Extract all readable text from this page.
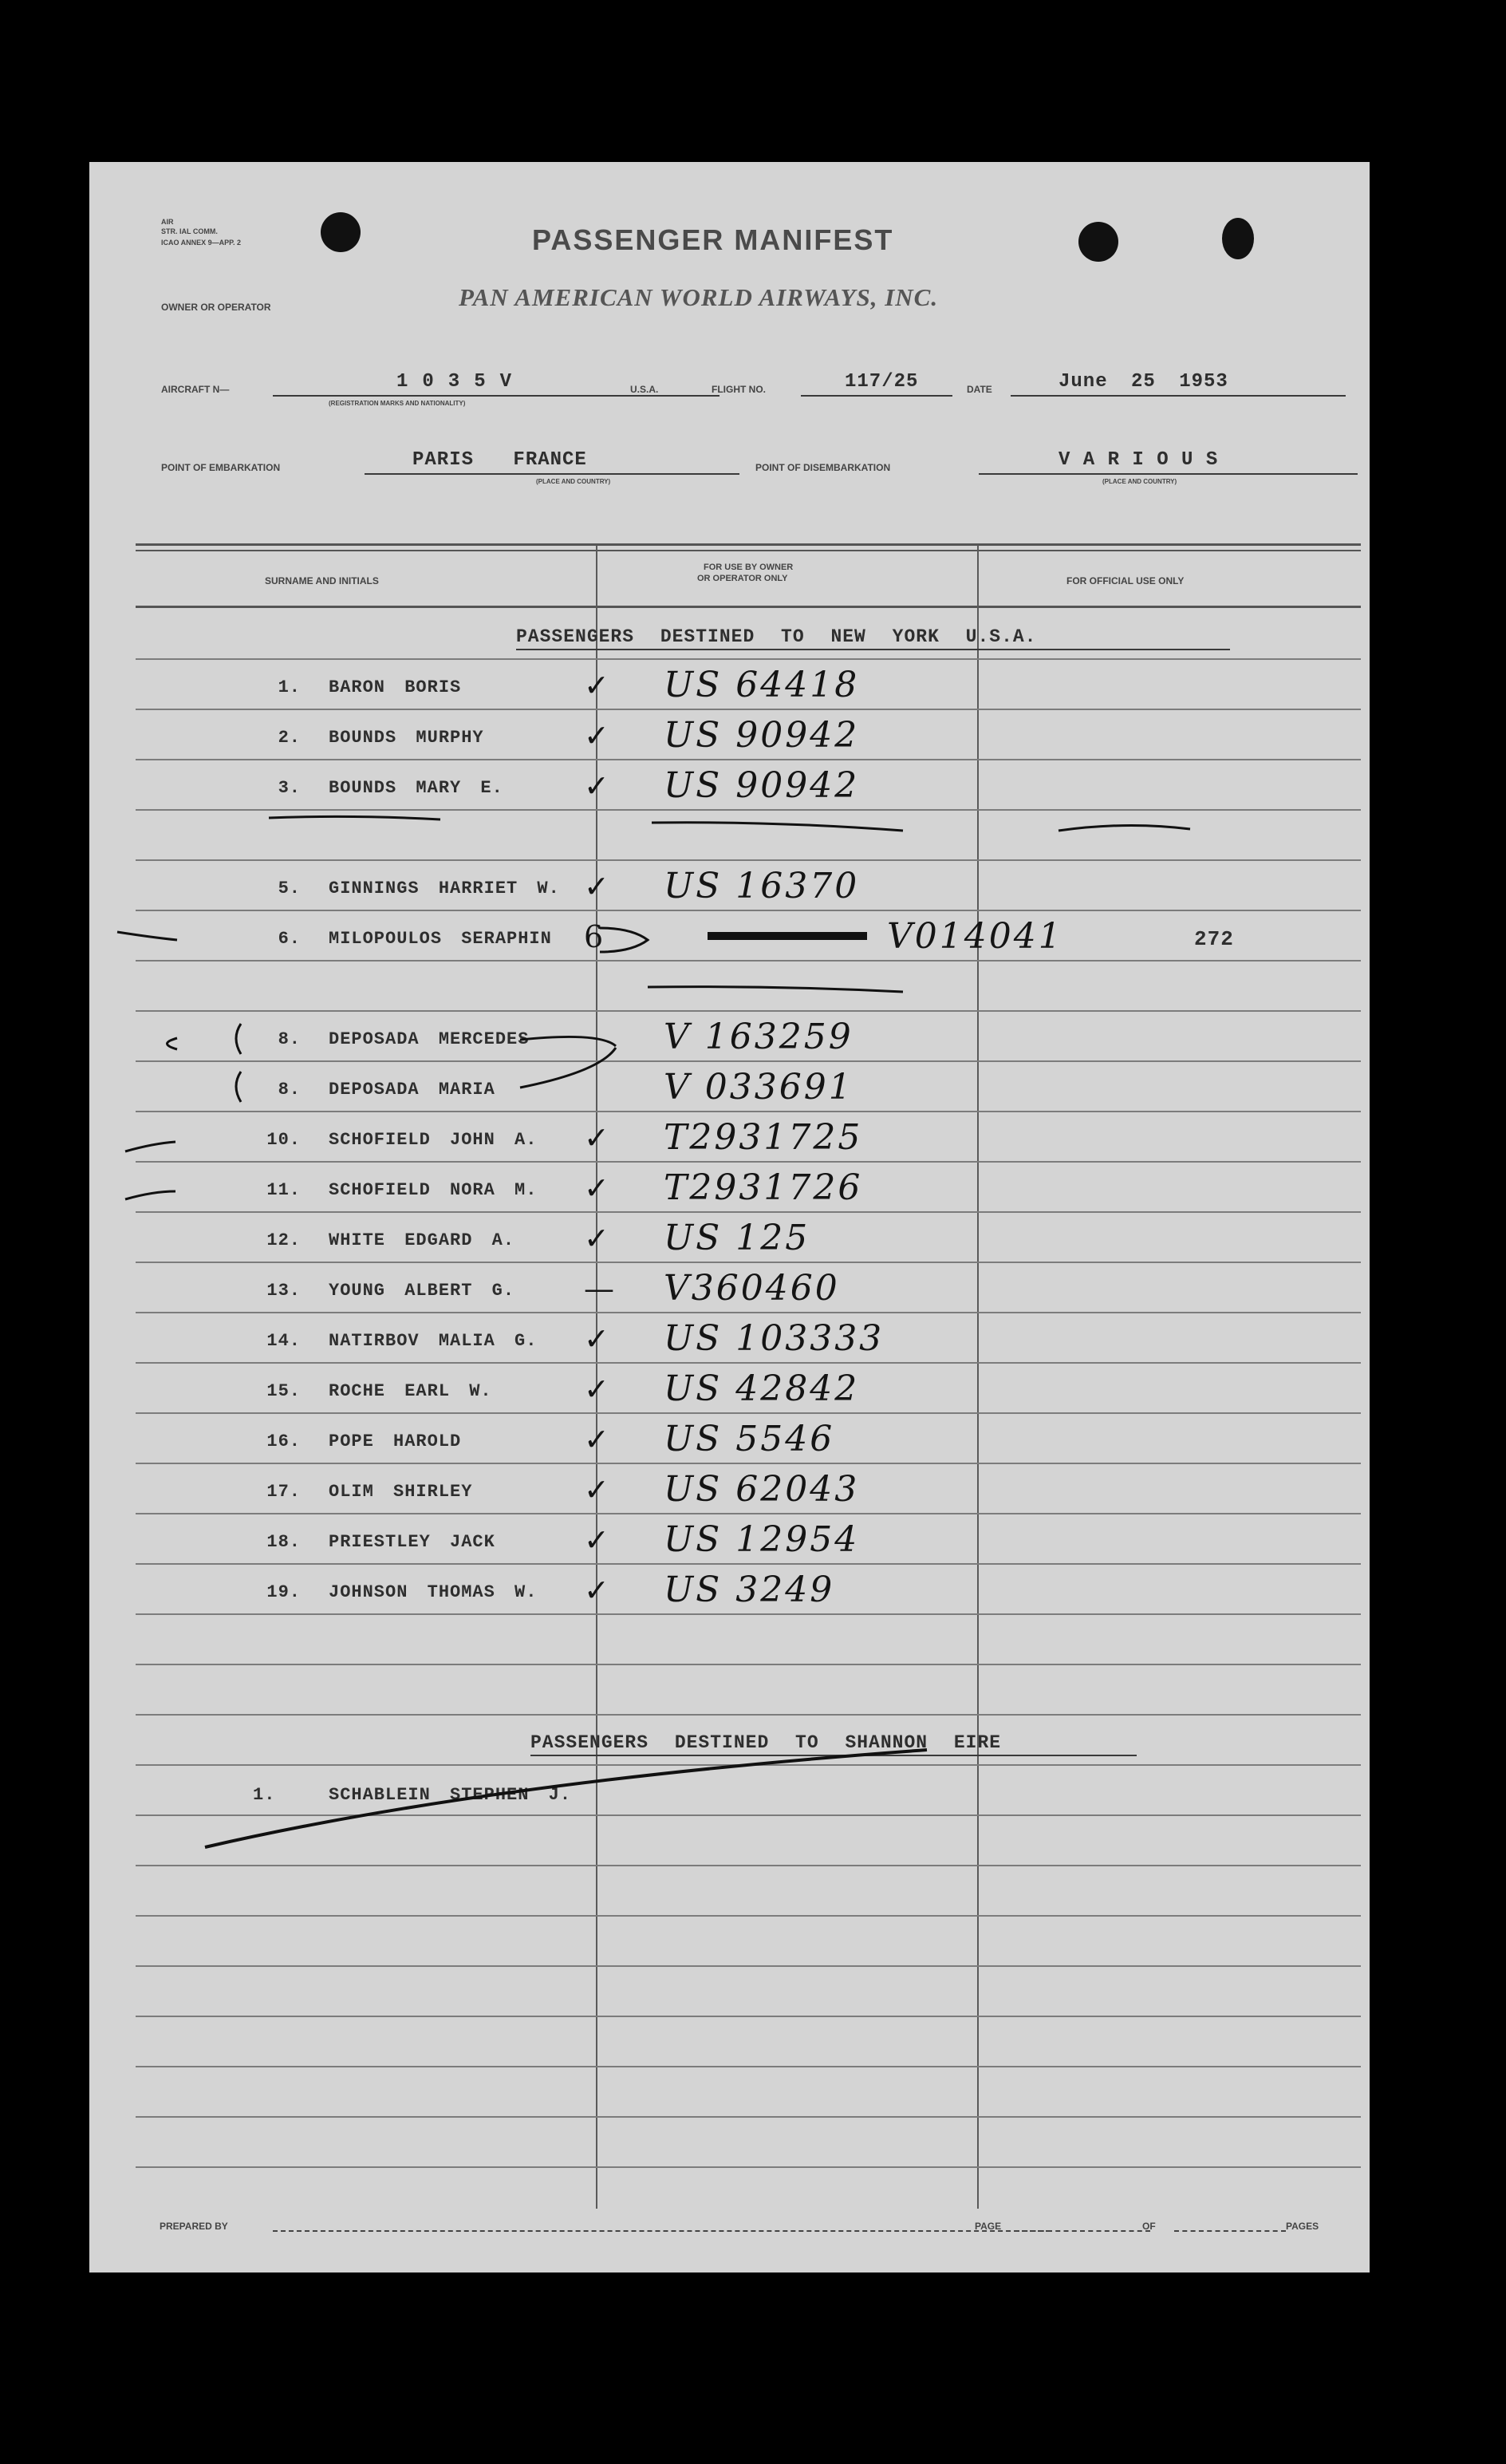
AIR
STR. IAL COMM.
ICAO ANNEX 9—APP. 2	PASSENGER MANIFEST
OWNER OR OPERATOR	PAN AMERICAN WORLD AIRWAYS, INC.
AIRCRAFT N—	1035V
(REGISTRATION MARKS AND NATIONALITY)
U.S.A.	FLIGHT NO.	117/25	DATE	June 25 1953
POINT OF EMBARKATION	PARIS FRANCE
(PLACE AND COUNTRY)
POINT OF DISEMBARKATION	V A R I O U S
(PLACE AND COUNTRY)
SURNAME AND INITIALS
FOR USE BY OWNER
OR OPERATOR ONLY	FOR OFFICIAL USE ONLY
PASSENGERS DESTINED TO NEW YORK U.S.A.
1. BARON BORIS	✓ US 64418
2. BOUNDS MURPHY	✓ US 90942
3. BOUNDS MARY E.	✓ US 90942
5. GINNINGS HARRIET W. ✓ US 16370
6. MILOPOULOS SERAPHIN 6	V014041	272
8. DEPOSADA MERCEDES	V 163259
8. DEPOSADA MARIA	V 033691
10. SCHOFIELD JOHN A. ✓ T2931725
11. SCHOFIELD NORA M. ✓ T2931726
12. WHITE EDGARD A. ✓ US 125
13. YOUNG ALBERT G. — V360460
14. NATIRBOV MALIA G. ✓ US 103333
15. ROCHE EARL W.	✓ US 42842
16. POPE HAROLD	✓ US 5546
17. OLIM SHIRLEY	✓ US 62043
18. PRIESTLEY JACK	✓ US 12954
19. JOHNSON THOMAS W. ✓ US 3249
PASSENGERS DESTINED TO SHANNON EIRE
1.	SCHABLEIN STEPHEN J.
PREPARED BY	PAGE	OF	PAGES
